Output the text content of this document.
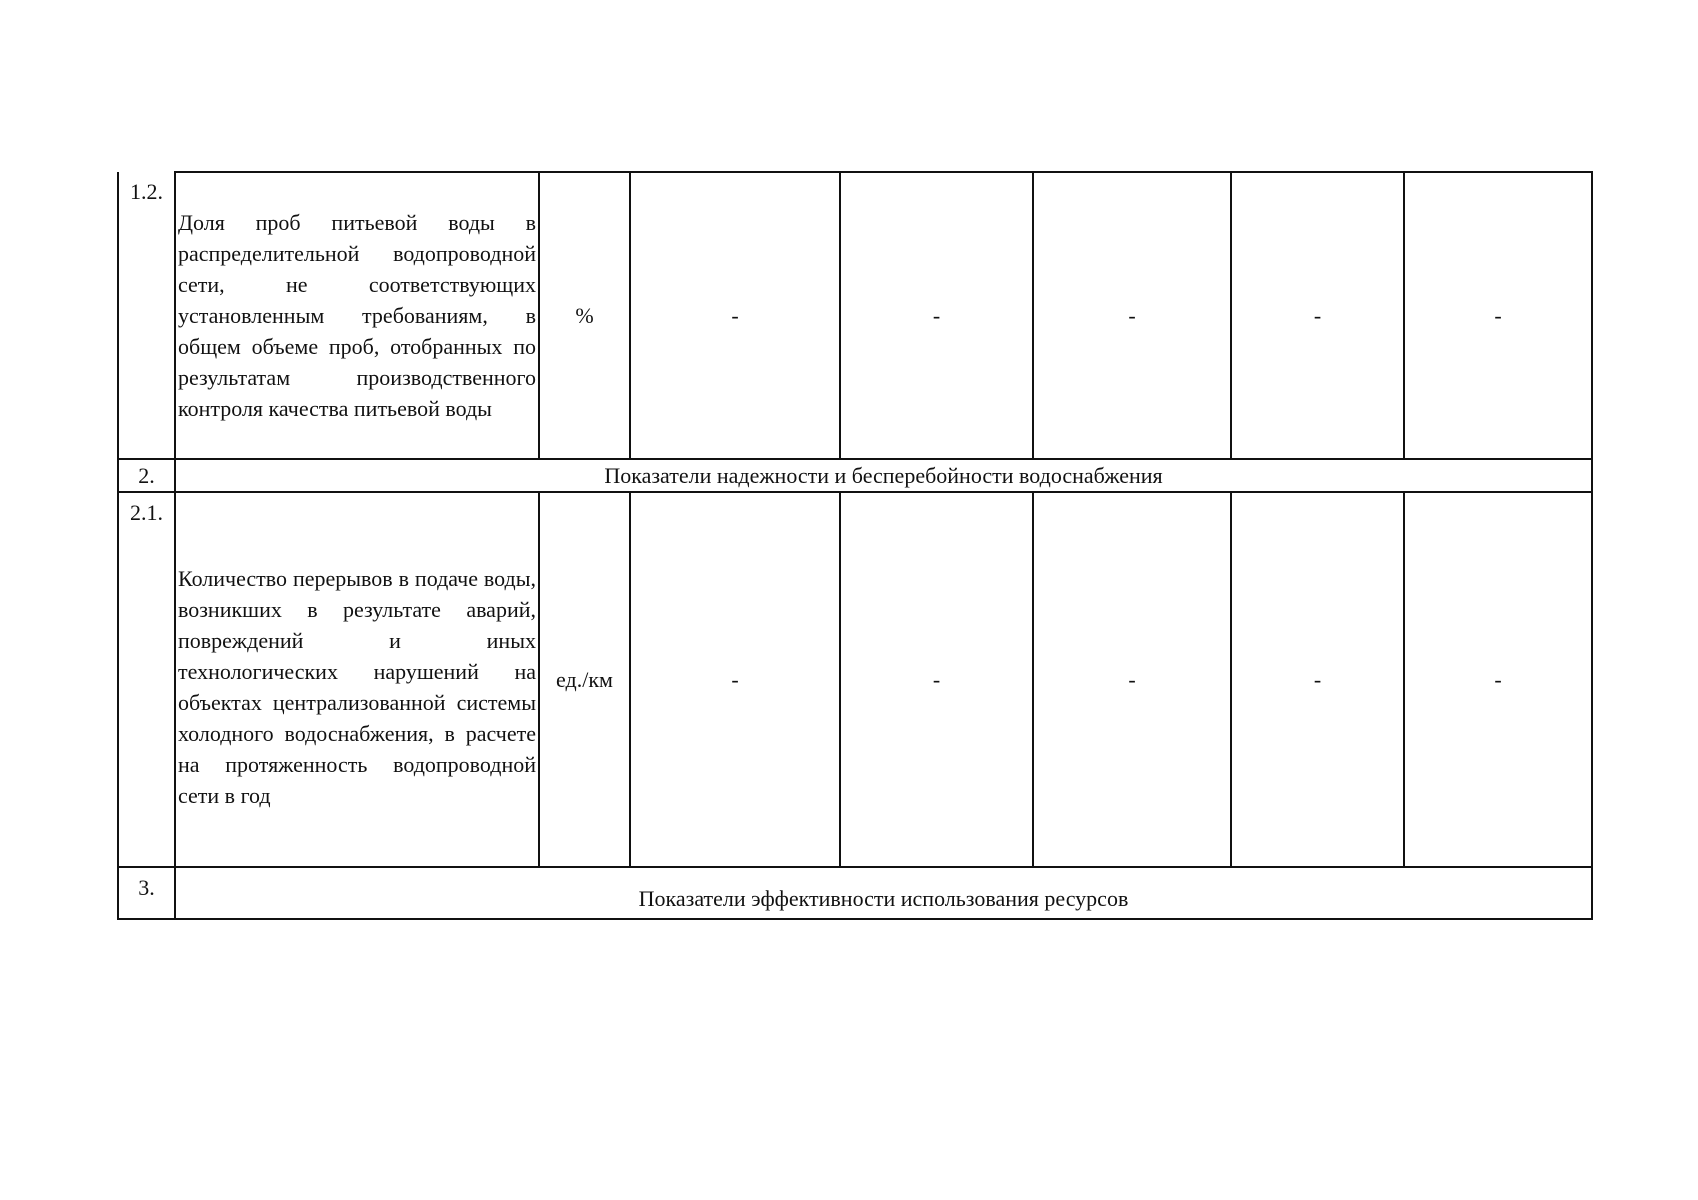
1.2.	Доля проб питьевой воды в распределительной водопроводной сети, не соответствующих установленным требованиям, в общем объеме проб, отобранных по результатам производственного контроля качества питьевой воды	%	-	-	-	-	-
2.	Показатели надежности и бесперебойности водоснабжения						
2.1.	Количество перерывов в подаче воды, возникших в результате аварий, повреждений и иных технологических нарушений на объектах централизованной системы холодного водоснабжения, в расчете на протяженность водопроводной сети в год	ед./км	-	-	-	-	-
3.	Показатели эффективности использования ресурсов						
